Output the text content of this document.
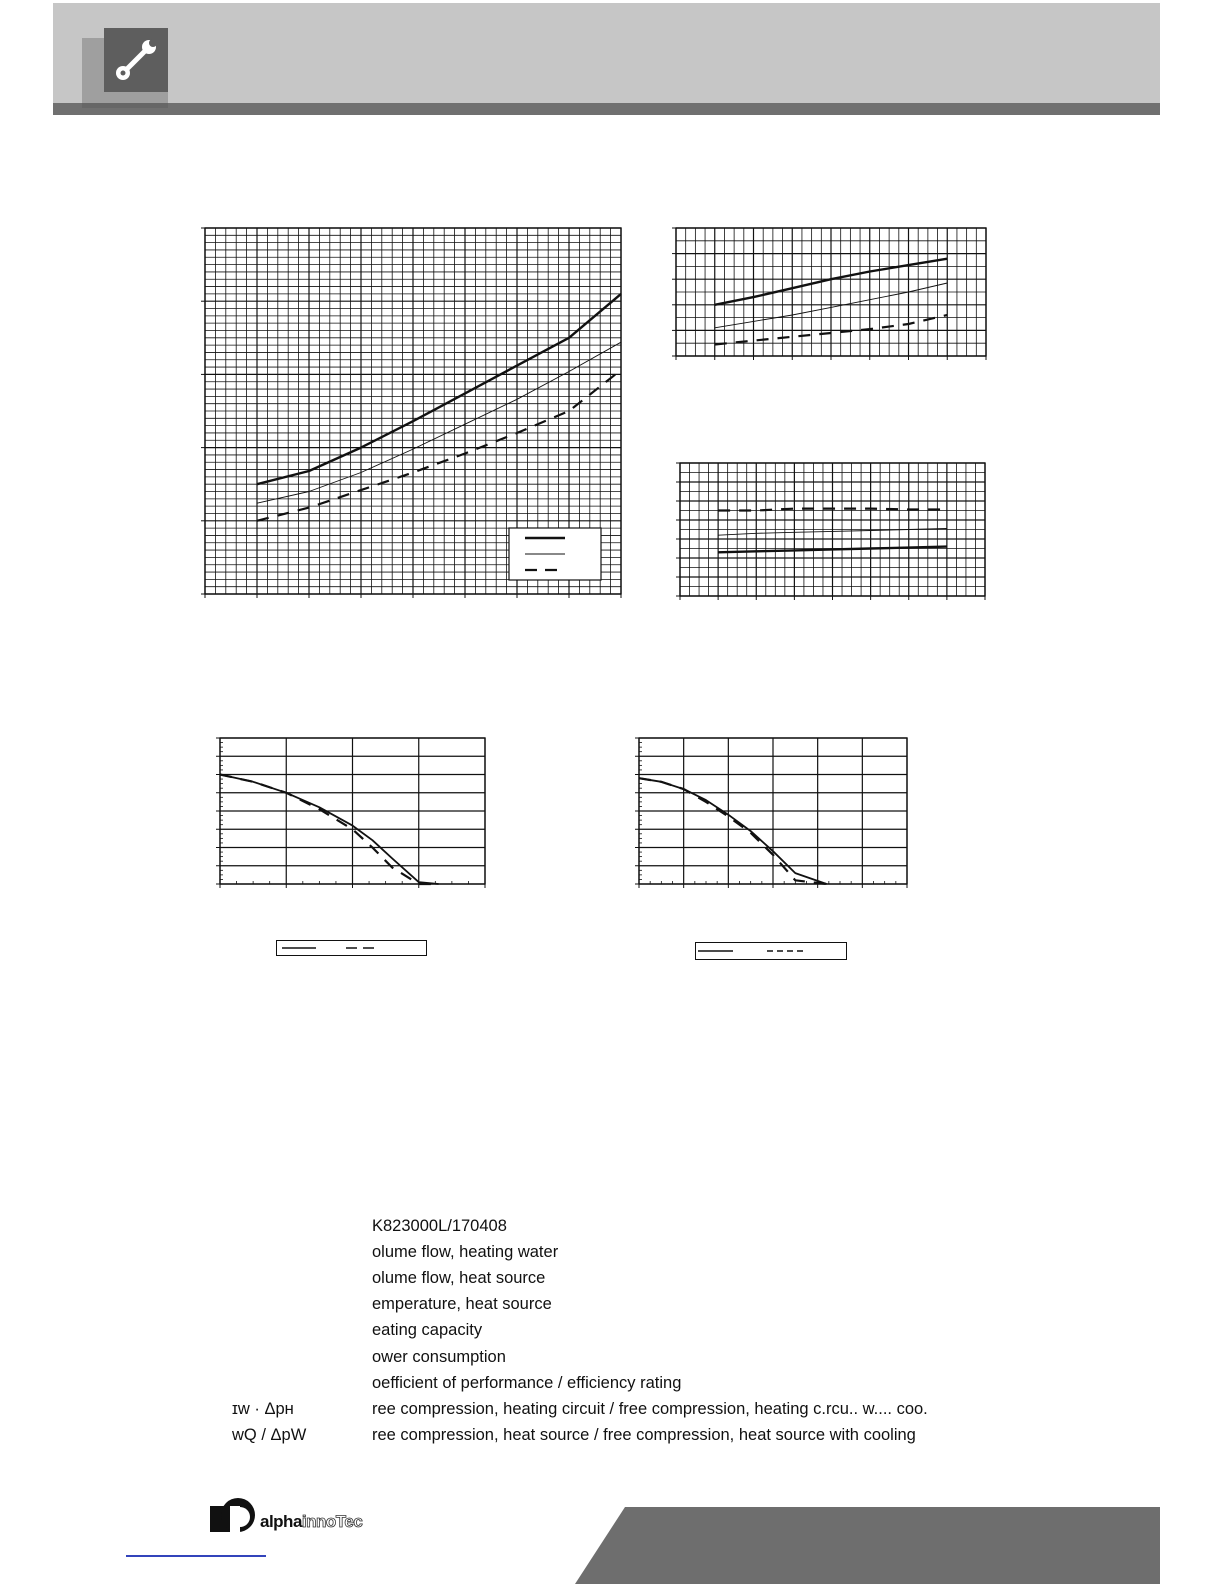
K823000L/170408
olume flow, heating water
olume flow, heat source
emperature, heat source
eating capacity
ower consumption
oefficient of performance / efficiency rating
ɪw · Δpʜ	ree compression, heating circuit / free compression, heating c.rcu.. w.... coo.
wQ / ΔpW	ree compression, heat source / free compression, heat source with cooling
alphainnoTec
